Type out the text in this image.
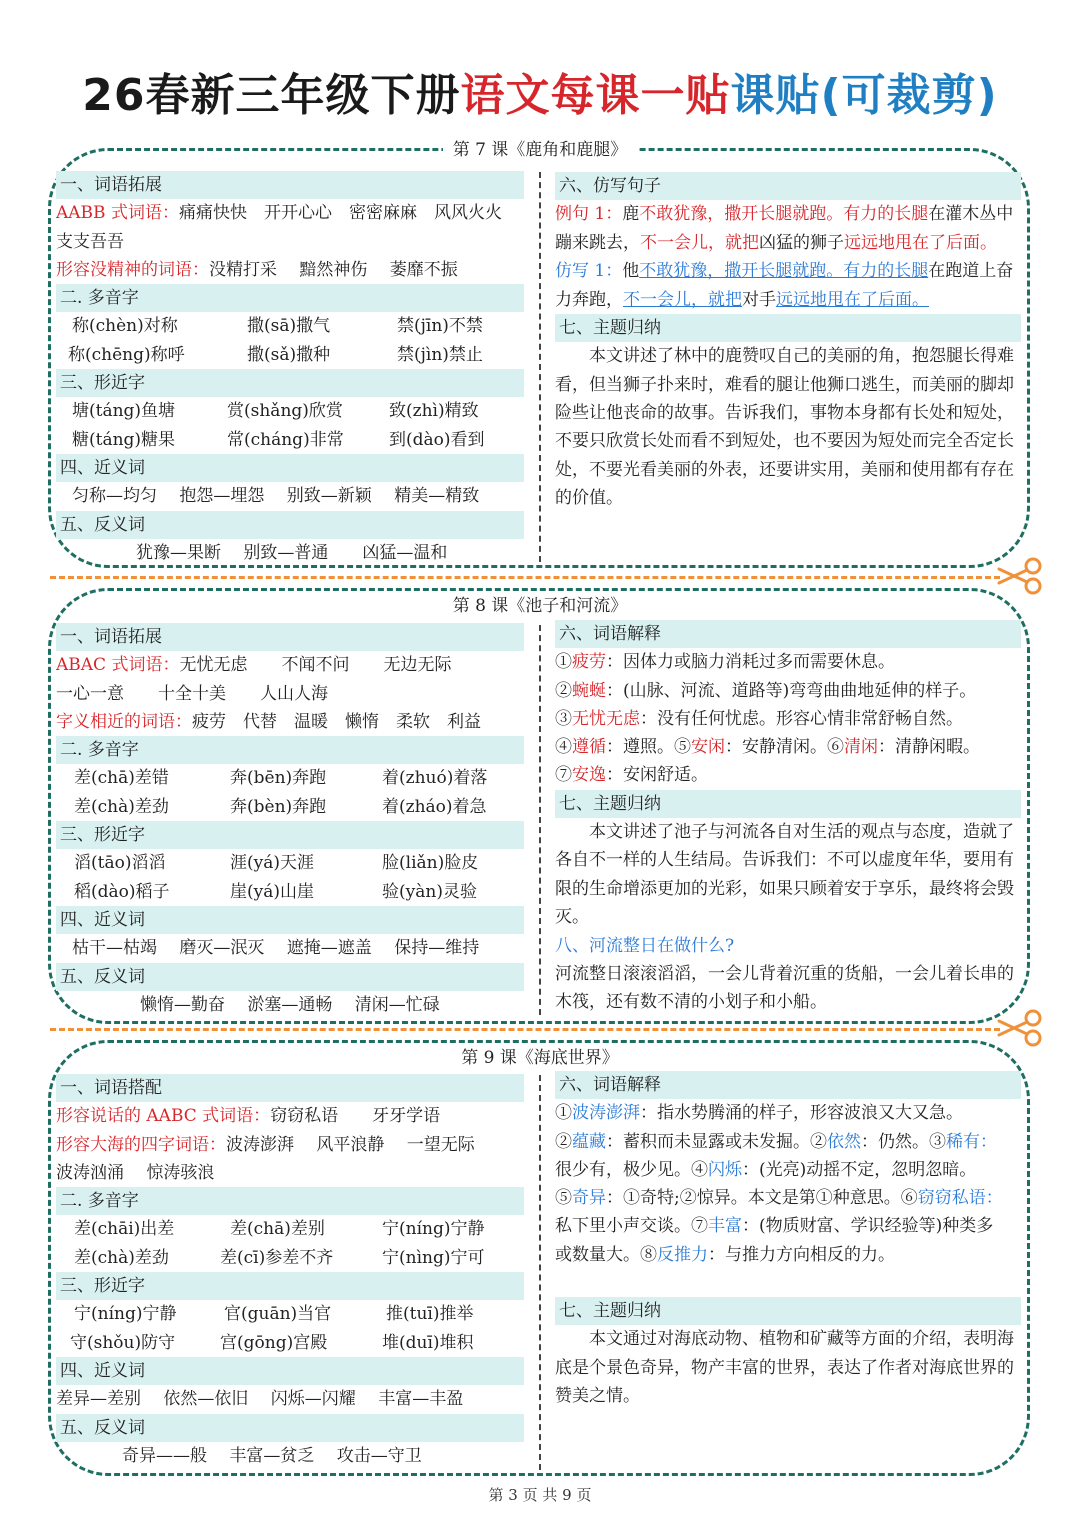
26春新三年级下册语文每课一贴课贴(可裁剪)
第 7 课《鹿角和鹿腿》
一、词语拓展
AABB 式词语：痛痛快快　开开心心　密密麻麻　风风火火
支支吾吾
形容没精神的词语：没精打采　 黯然神伤　 萎靡不振
二. 多音字
称(chèn)对称	撒(sā)撒气	禁(jīn)不禁
称(chēng)称呼	撒(sǎ)撒种	禁(jìn)禁止
三、形近字
塘(táng)鱼塘	赏(shǎng)欣赏	致(zhì)精致
糖(táng)糖果	常(cháng)非常	到(dào)看到
四、近义词
匀称—均匀　 抱怨—埋怨　 别致—新颖　 精美—精致
五、反义词
犹豫—果断　 别致—普通　　凶猛—温和
六、仿写句子
例句 1：鹿不敢犹豫，撒开长腿就跑。有力的长腿在灌木丛中蹦来跳去，不一会儿，就把凶猛的狮子远远地甩在了后面。
仿写 1：他不敢犹豫，撒开长腿就跑。有力的长腿在跑道上奋力奔跑，不一会儿，就把对手远远地甩在了后面。
七、主题归纳
本文讲述了林中的鹿赞叹自己的美丽的角，抱怨腿长得难看，但当狮子扑来时，难看的腿让他狮口逃生，而美丽的脚却险些让他丧命的故事。告诉我们，事物本身都有长处和短处，不要只欣赏长处而看不到短处，也不要因为短处而完全否定长处，不要光看美丽的外表，还要讲实用，美丽和使用都有存在的价值。
第 8 课《池子和河流》
一、词语拓展
ABAC 式词语：无忧无虑　　不闻不问　　无边无际
一心一意　　十全十美　　人山人海
字义相近的词语：疲劳　代替　温暖　懒惰　柔软　利益
二. 多音字
差(chā)差错	奔(bēn)奔跑	着(zhuó)着落
差(chà)差劲	奔(bèn)奔跑	着(zháo)着急
三、形近字
滔(tāo)滔滔	涯(yá)天涯	脸(liǎn)脸皮
稻(dào)稻子	崖(yá)山崖	验(yàn)灵验
四、近义词
枯干—枯竭　 磨灭—泯灭　 遮掩—遮盖　 保持—维持
五、反义词
懒惰—勤奋　 淤塞—通畅　 清闲—忙碌
六、词语解释
①疲劳：因体力或脑力消耗过多而需要休息。
②蜿蜒：(山脉、河流、道路等)弯弯曲曲地延伸的样子。
③无忧无虑：没有任何忧虑。形容心情非常舒畅自然。
④遵循：遵照。⑤安闲：安静清闲。⑥清闲：清静闲暇。
⑦安逸：安闲舒适。
七、主题归纳
本文讲述了池子与河流各自对生活的观点与态度，造就了各自不一样的人生结局。告诉我们：不可以虚度年华，要用有限的生命增添更加的光彩，如果只顾着安于享乐，最终将会毁灭。
八、河流整日在做什么?
河流整日滚滚滔滔，一会儿背着沉重的货船，一会儿着长串的木筏，还有数不清的小划子和小船。
第 9 课《海底世界》
一、词语搭配
形容说话的 AABC 式词语：窃窃私语　　牙牙学语
形容大海的四字词语：波涛澎湃　 风平浪静　 一望无际
波涛汹涌　 惊涛骇浪
二. 多音字
差(chāi)出差	差(chā)差别	宁(níng)宁静
差(chà)差劲	差(cī)参差不齐	宁(nìng)宁可
三、形近字
宁(níng)宁静	官(guān)当官	推(tuī)推举
守(shǒu)防守	宫(gōng)宫殿	堆(duī)堆积
四、近义词
差异—差别　 依然—依旧　 闪烁—闪耀　 丰富—丰盈
五、反义词
奇异——般　 丰富—贫乏　 攻击—守卫
六、词语解释
①波涛澎湃：指水势腾涌的样子，形容波浪又大又急。
②蕴藏：蓄积而未显露或未发掘。②依然：仍然。③稀有：
很少有，极少见。④闪烁：(光亮)动摇不定，忽明忽暗。
⑤奇异：①奇特;②惊异。本文是第①种意思。⑥窃窃私语：
私下里小声交谈。⑦丰富：(物质财富、学识经验等)种类多
或数量大。⑧反推力：与推力方向相反的力。
七、主题归纳
本文通过对海底动物、植物和矿藏等方面的介绍，表明海底是个景色奇异，物产丰富的世界，表达了作者对海底世界的赞美之情。
第 3 页 共 9 页
